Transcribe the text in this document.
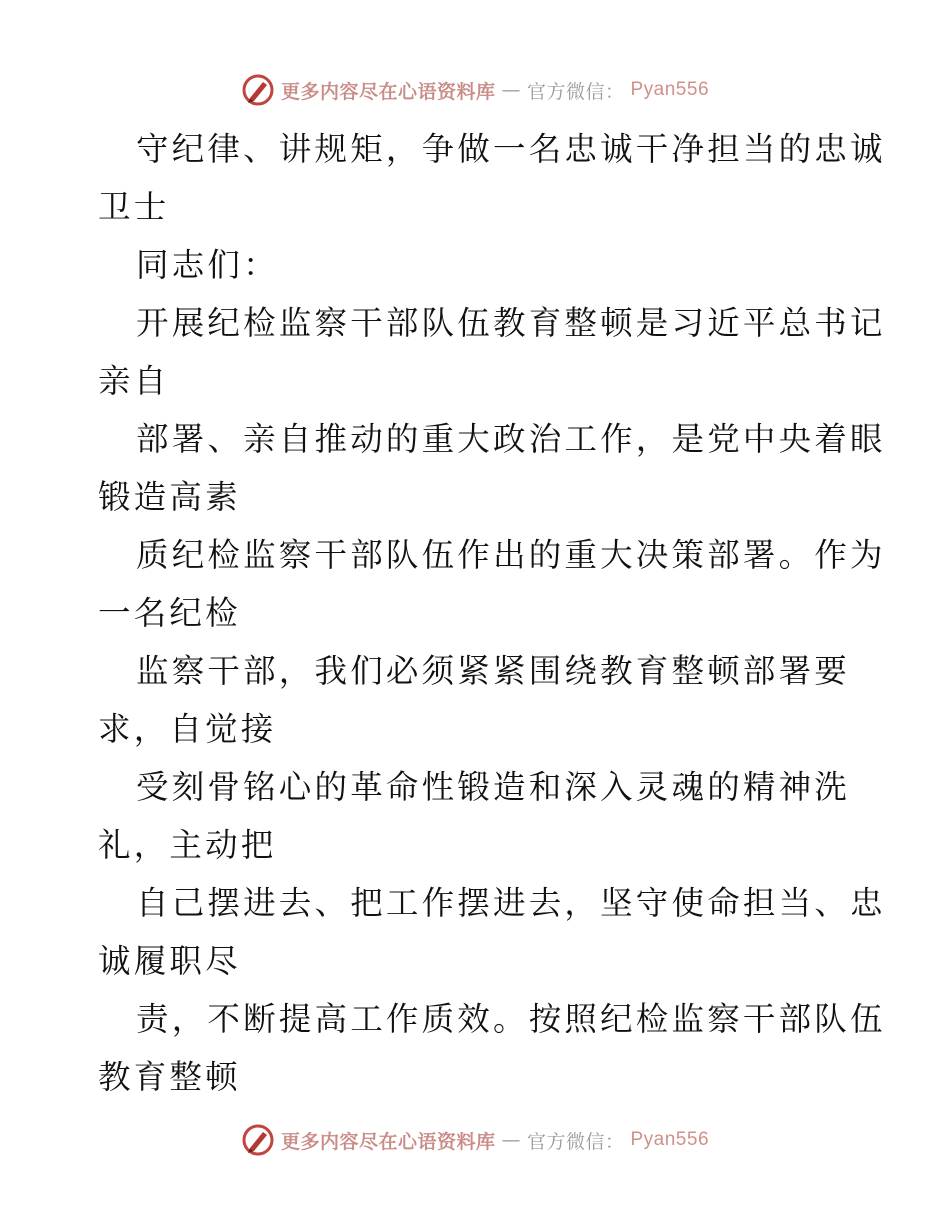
更多内容尽在心语资料库 — 官方微信： Pyan556
守纪律、讲规矩，争做一名忠诚干净担当的忠诚
卫士
同志们：
开展纪检监察干部队伍教育整顿是习近平总书记
亲自
部署、亲自推动的重大政治工作，是党中央着眼
锻造高素
质纪检监察干部队伍作出的重大决策部署。作为
一名纪检
监察干部，我们必须紧紧围绕教育整顿部署要
求，自觉接
受刻骨铭心的革命性锻造和深入灵魂的精神洗
礼，主动把
自己摆进去、把工作摆进去，坚守使命担当、忠
诚履职尽
责，不断提高工作质效。按照纪检监察干部队伍
教育整顿
更多内容尽在心语资料库 — 官方微信： Pyan556
